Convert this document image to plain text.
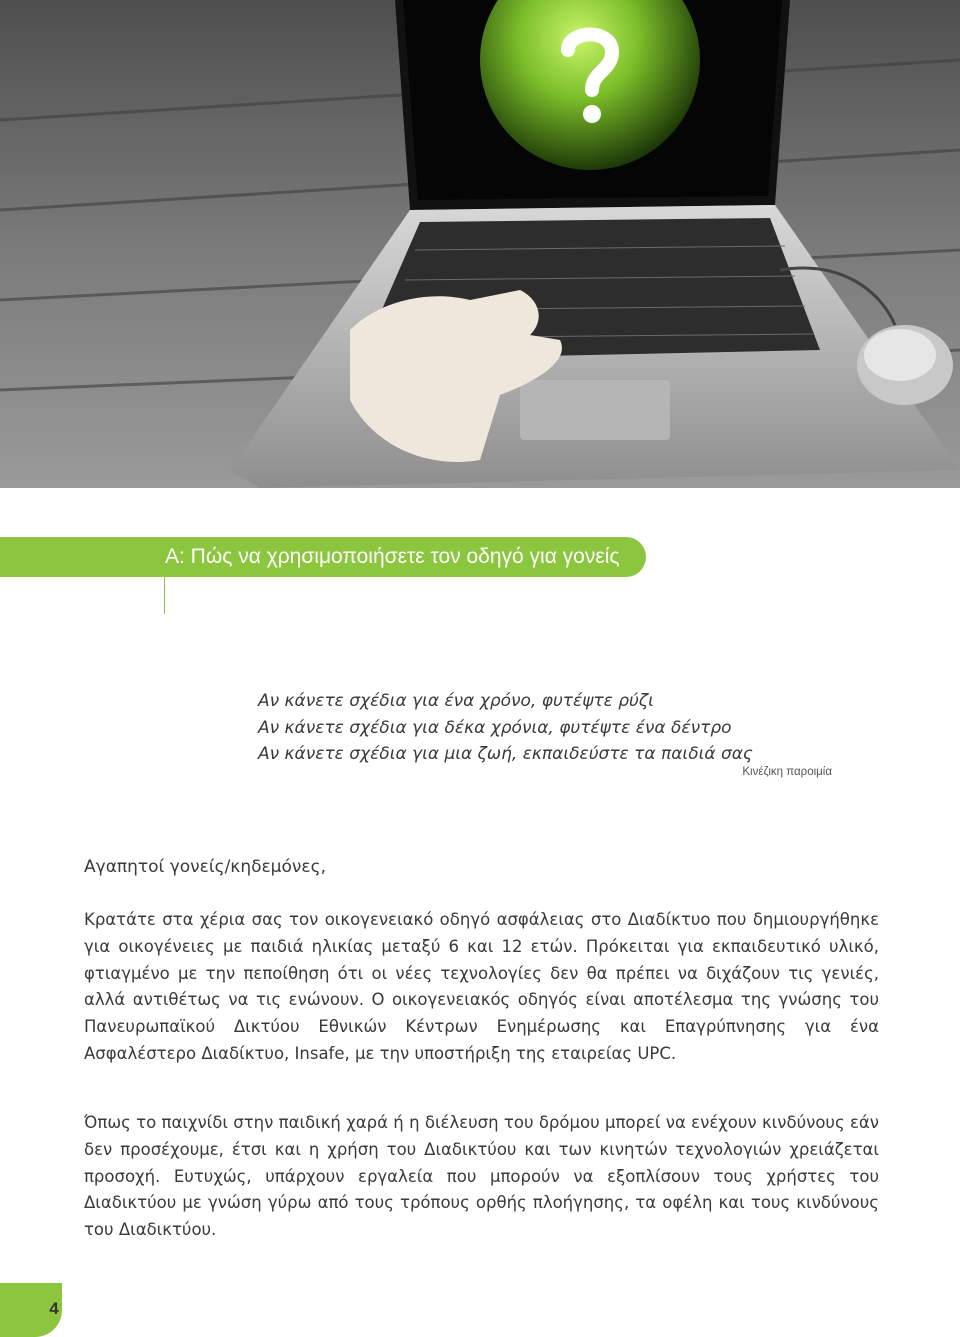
A: Πώς να χρησιμοποιήσετε τον οδηγό για γονείς
Αν κάνετε σχέδια για ένα χρόνο, φυτέψτε ρύζι
Αν κάνετε σχέδια για δέκα χρόνια, φυτέψτε ένα δέντρο
Αν κάνετε σχέδια για μια ζωή, εκπαιδεύστε τα παιδιά σας
Κινέζικη παροιμία
Αγαπητοί γονείς/κηδεμόνες,

Κρατάτε στα χέρια σας τον οικογενειακό οδηγό ασφάλειας στο Διαδίκτυο που δημιουργήθηκε για οικογένειες με παιδιά ηλικίας μεταξύ 6 και 12 ετών. Πρόκειται για εκπαιδευτικό υλικό, φτιαγμένο με την πεποίθηση ότι οι νέες τεχνολογίες δεν θα πρέπει να διχάζουν τις γενιές, αλλά αντιθέτως να τις ενώνουν. Ο οικογενειακός οδηγός είναι αποτέλεσμα της γνώσης του Πανευρωπαϊκού Δικτύου Εθνικών Κέντρων Ενημέρωσης και Επαγρύπνησης για ένα Ασφαλέστερο Διαδίκτυο, Insafe, με την υποστήριξη της εταιρείας UPC.

Όπως το παιχνίδι στην παιδική χαρά ή η διέλευση του δρόμου μπορεί να ενέχουν κινδύνους εάν δεν προσέχουμε, έτσι και η χρήση του Διαδικτύου και των κινητών τεχνολογιών χρειάζεται προσοχή. Ευτυχώς, υπάρχουν εργαλεία που μπορούν να εξοπλίσουν τους χρήστες του Διαδικτύου με γνώση γύρω από τους τρόπους ορθής πλοήγησης, τα οφέλη και τους κινδύνους του Διαδικτύου.

4
